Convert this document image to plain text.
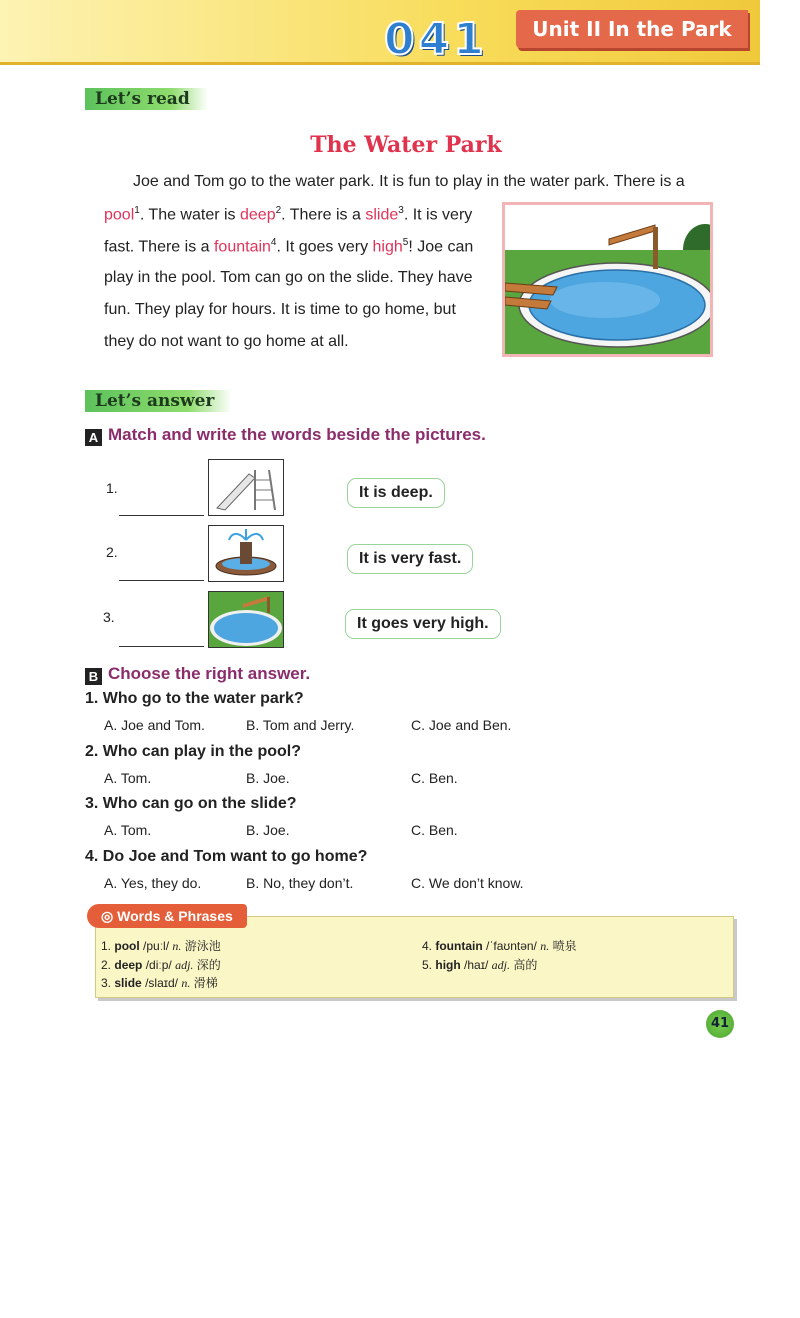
041	Unit II In the Park
Let’s read
The Water Park
Joe and Tom go to the water park. It is fun to play in the water park. There is a
pool$^1$. The water is deep$^2$. There is a slide$^3$. It is very
fast. There is a fountain$^4$. It goes very high$^5$! Joe can
play in the pool. Tom can go on the slide. They have
fun. They play for hours. It is time to go home, but
they do not want to go home at all.
Let’s answer
A Match and write the words beside the pictures.
1.
2.
3.
It is deep.
It is very fast.
It goes very high.
B Choose the right answer.
1. Who go to the water park?
A. Joe and Tom.	B. Tom and Jerry.	C. Joe and Ben.
2. Who can play in the pool?
A. Tom.	B. Joe.	C. Ben.
3. Who can go on the slide?
A. Tom.	B. Joe.	C. Ben.
4. Do Joe and Tom want to go home?
A. Yes, they do.	B. No, they don’t.	C. We don’t know.
◎ Words & Phrases
1. pool /puːl/ n. 游泳池
2. deep /diːp/ adj. 深的
3. slide /slaɪd/ n. 滑梯
4. fountain /ˈfaʊntən/ n. 喷泉
5. high /haɪ/ adj. 高的
41
